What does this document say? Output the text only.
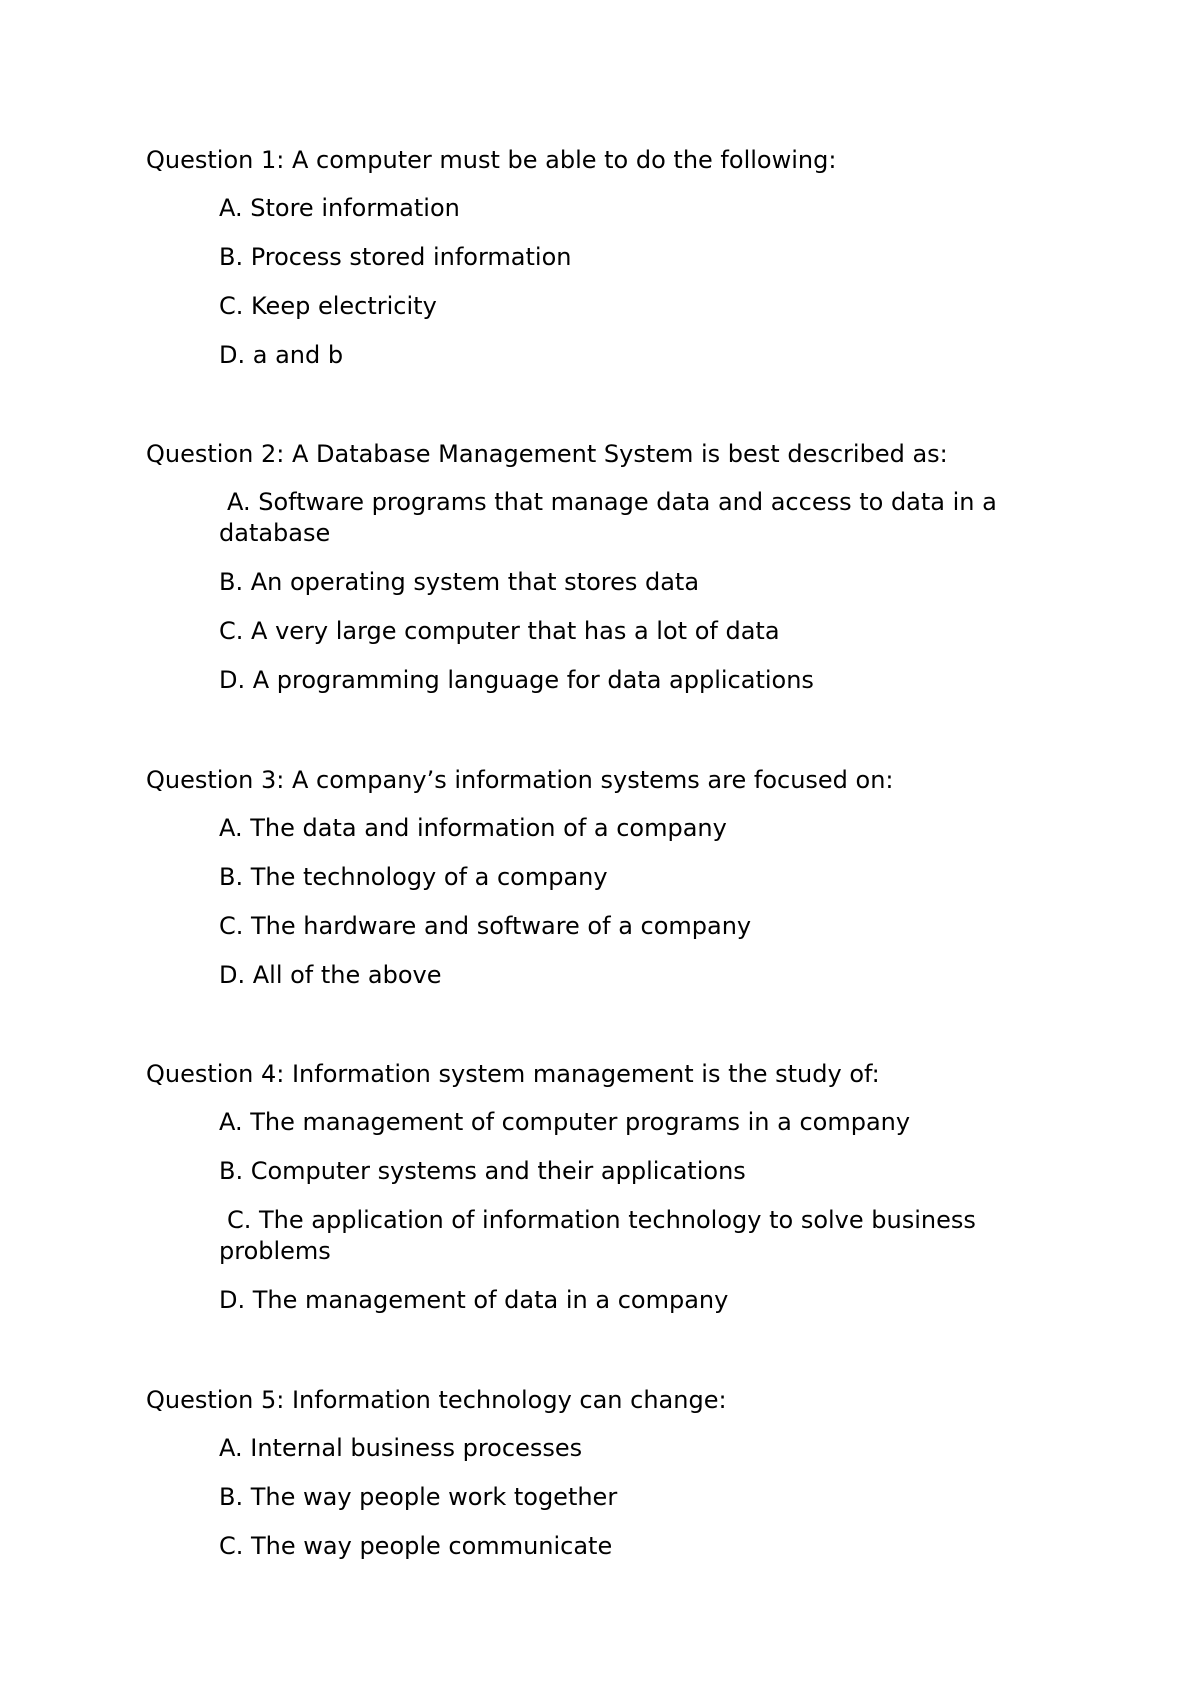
Question 1: A computer must be able to do the following:
A. Store information
B. Process stored information
C. Keep electricity
D. a and b
Question 2: A Database Management System is best described as:
A. Software programs that manage data and access to data in a database
B. An operating system that stores data
C. A very large computer that has a lot of data
D. A programming language for data applications
Question 3: A company’s information systems are focused on:
A. The data and information of a company
B. The technology of a company
C. The hardware and software of a company
D. All of the above
Question 4: Information system management is the study of:
A. The management of computer programs in a company
B. Computer systems and their applications
C. The application of information technology to solve business problems
D. The management of data in a company
Question 5: Information technology can change:
A. Internal business processes
B. The way people work together
C. The way people communicate
